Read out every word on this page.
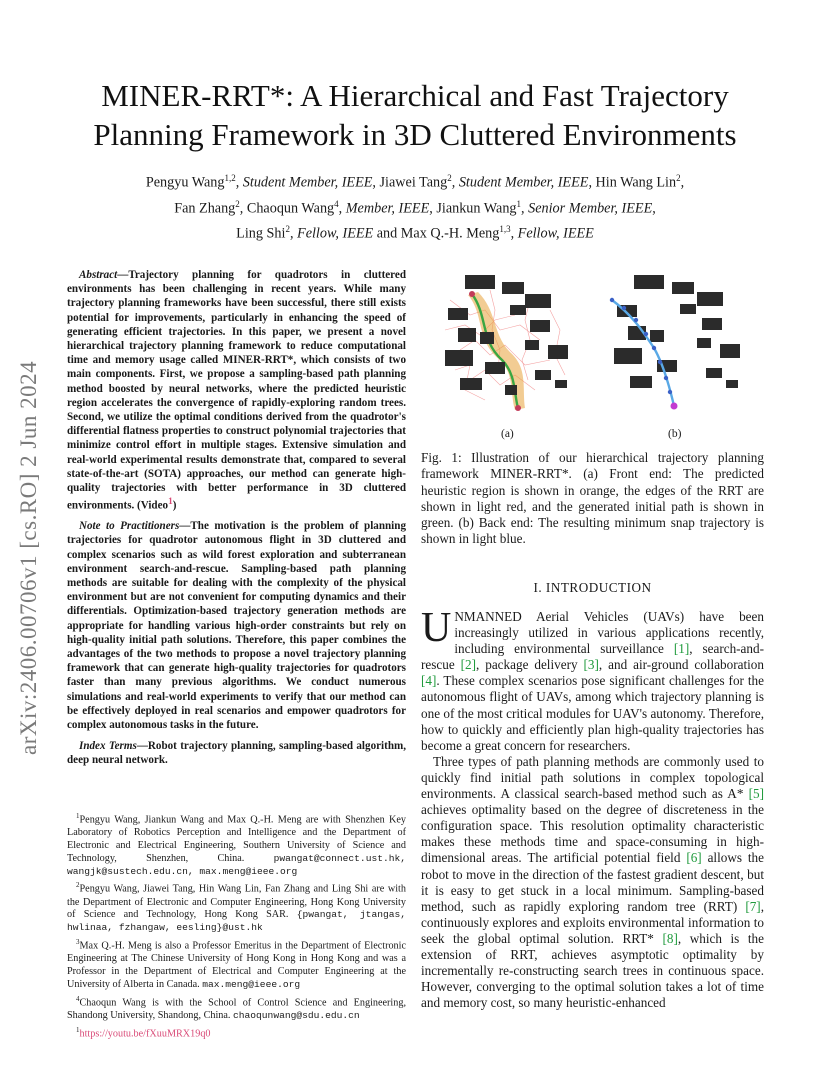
arXiv:2406.00706v1 [cs.RO] 2 Jun 2024
MINER-RRT*: A Hierarchical and Fast Trajectory
Planning Framework in 3D Cluttered Environments
Pengyu Wang$^{1,2}$, Student Member, IEEE, Jiawei Tang$^2$, Student Member, IEEE, Hin Wang Lin$^2$,
Fan Zhang$^2$, Chaoqun Wang$^4$, Member, IEEE, Jiankun Wang$^1$, Senior Member, IEEE,
Ling Shi$^2$, Fellow, IEEE and Max Q.-H. Meng$^{1,3}$, Fellow, IEEE

Abstract—Trajectory planning for quadrotors in cluttered environments has been challenging in recent years. While many trajectory planning frameworks have been successful, there still exists potential for improvements, particularly in enhancing the speed of generating efficient trajectories. In this paper, we present a novel hierarchical trajectory planning framework to reduce computational time and memory usage called MINER-RRT*, which consists of two main components. First, we propose a sampling-based path planning method boosted by neural networks, where the predicted heuristic region accelerates the convergence of rapidly-exploring random trees. Second, we utilize the optimal conditions derived from the quadrotor's differential flatness properties to construct polynomial trajectories that minimize control effort in multiple stages. Extensive simulation and real-world experimental results demonstrate that, compared to several state-of-the-art (SOTA) approaches, our method can generate high-quality trajectories with better performance in 3D cluttered environments. (Video$^1$)

Note to Practitioners—The motivation is the problem of planning trajectories for quadrotor autonomous flight in 3D cluttered and complex scenarios such as wild forest exploration and subterranean environment search-and-rescue. Sampling-based path planning methods are suitable for dealing with the complexity of the physical environment but are not convenient for computing dynamics and their differentials. Optimization-based trajectory generation methods are appropriate for handling various high-order constraints but rely on high-quality initial path solutions. Therefore, this paper combines the advantages of the two methods to propose a novel trajectory planning framework that can generate high-quality trajectories for quadrotors faster than many previous algorithms. We conduct numerous simulations and real-world experiments to verify that our method can be effectively deployed in real scenarios and empower quadrotors for complex autonomous tasks in the future.

Index Terms—Robot trajectory planning, sampling-based algorithm, deep neural network.

$^1$Pengyu Wang, Jiankun Wang and Max Q.-H. Meng are with Shenzhen Key Laboratory of Robotics Perception and Intelligence and the Department of Electronic and Electrical Engineering, Southern University of Science and Technology, Shenzhen, China. pwangat@connect.ust.hk, wangjk@sustech.edu.cn, max.meng@ieee.org

$^2$Pengyu Wang, Jiawei Tang, Hin Wang Lin, Fan Zhang and Ling Shi are with the Department of Electronic and Computer Engineering, Hong Kong University of Science and Technology, Hong Kong SAR. {pwangat, jtangas, hwlinaa, fzhangaw, eesling}@ust.hk

$^3$Max Q.-H. Meng is also a Professor Emeritus in the Department of Electronic Engineering at The Chinese University of Hong Kong in Hong Kong and was a Professor in the Department of Electrical and Computer Engineering at the University of Alberta in Canada. max.meng@ieee.org

$^4$Chaoqun Wang is with the School of Control Science and Engineering, Shandong University, Shandong, China. chaoqunwang@sdu.edu.cn

$^1$https://youtu.be/fXuuMRX19q0

(a)	(b)
Fig. 1: Illustration of our hierarchical trajectory planning framework MINER-RRT*. (a) Front end: The predicted heuristic region is shown in orange, the edges of the RRT are shown in light red, and the generated initial path is shown in green. (b) Back end: The resulting minimum snap trajectory is shown in light blue.
I. INTRODUCTION

UNMANNED Aerial Vehicles (UAVs) have been increasingly utilized in various applications recently, including environmental surveillance [1], search-and-rescue [2], package delivery [3], and air-ground collaboration [4]. These complex scenarios pose significant challenges for the autonomous flight of UAVs, among which trajectory planning is one of the most critical modules for UAV's autonomy. Therefore, how to quickly and efficiently plan high-quality trajectories has become a great concern for researchers.

Three types of path planning methods are commonly used to quickly find initial path solutions in complex topological environments. A classical search-based method such as A* [5] achieves optimality based on the degree of discreteness in the configuration space. This resolution optimality characteristic makes these methods time and space-consuming in high-dimensional areas. The artificial potential field [6] allows the robot to move in the direction of the fastest gradient descent, but it is easy to get stuck in a local minimum. Sampling-based method, such as rapidly exploring random tree (RRT) [7], continuously explores and exploits environmental information to seek the global optimal solution. RRT* [8], which is the extension of RRT, achieves asymptotic optimality by incrementally re-constructing search trees in continuous space. However, converging to the optimal solution takes a lot of time and memory cost, so many heuristic-enhanced
